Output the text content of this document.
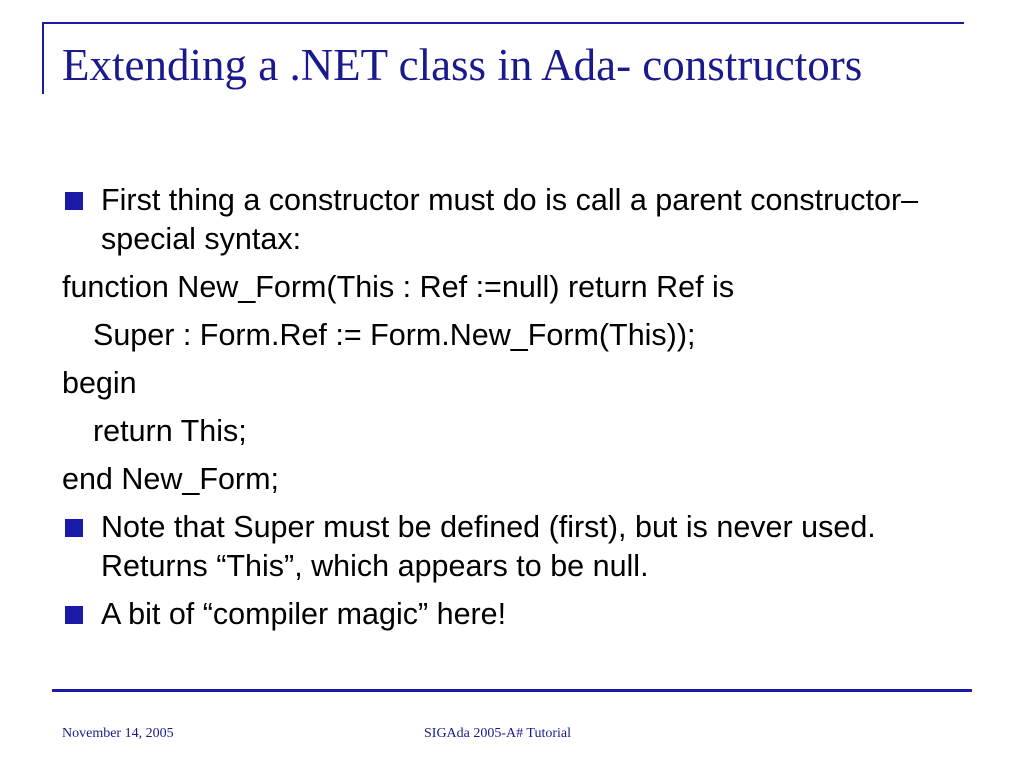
Extending a .NET class in Ada- constructors
First thing a constructor must do is call a parent constructor– special syntax:
function New_Form(This : Ref :=null) return Ref is
Super : Form.Ref := Form.New_Form(This));
begin
return This;
end New_Form;
Note that Super must be defined (first), but is never used. Returns “This”, which appears to be null.
A bit of “compiler magic” here!
November 14, 2005	SIGAda 2005-A# Tutorial
